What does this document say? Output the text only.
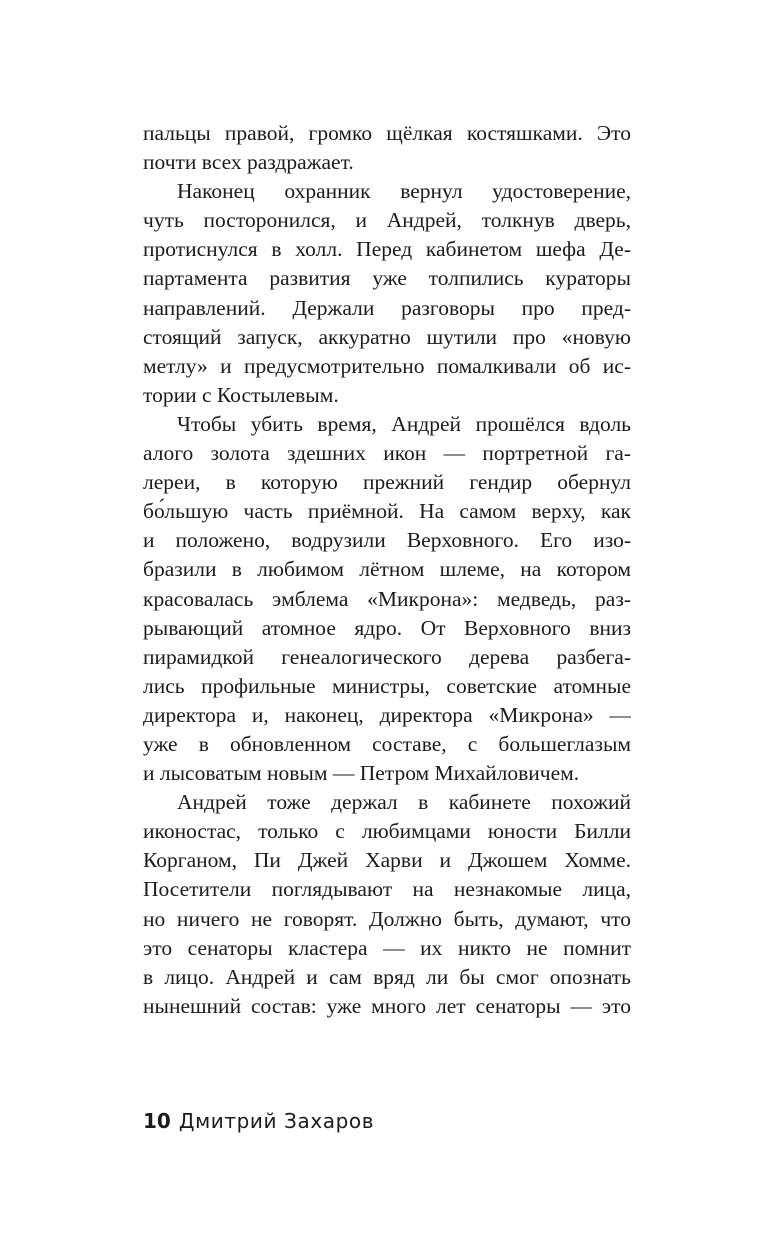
пальцы правой, громко щёлкая костяшками. Это
почти всех раздражает.
Наконец охранник вернул удостоверение,
чуть посторонился, и Андрей, толкнув дверь,
протиснулся в холл. Перед кабинетом шефа Де-
партамента развития уже толпились кураторы
направлений. Держали разговоры про пред-
стоящий запуск, аккуратно шутили про «новую
метлу» и предусмотрительно помалкивали об ис-
тории с Костылевым.
Чтобы убить время, Андрей прошёлся вдоль
алого золота здешних икон — портретной га-
лереи, в которую прежний гендир обернул
бо́льшую часть приёмной. На самом верху, как
и положено, водрузили Верховного. Его изо-
бразили в любимом лётном шлеме, на котором
красовалась эмблема «Микрона»: медведь, раз-
рывающий атомное ядро. От Верховного вниз
пирамидкой генеалогического дерева разбега-
лись профильные министры, советские атомные
директора и, наконец, директора «Микрона» —
уже в обновленном составе, с большеглазым
и лысоватым новым — Петром Михайловичем.
Андрей тоже держал в кабинете похожий
иконостас, только с любимцами юности Билли
Корганом, Пи Джей Харви и Джошем Хомме.
Посетители поглядывают на незнакомые лица,
но ничего не говорят. Должно быть, думают, что
это сенаторы кластера — их никто не помнит
в лицо. Андрей и сам вряд ли бы смог опознать
нынешний состав: уже много лет сенаторы — это
10 Дмитрий Захаров
